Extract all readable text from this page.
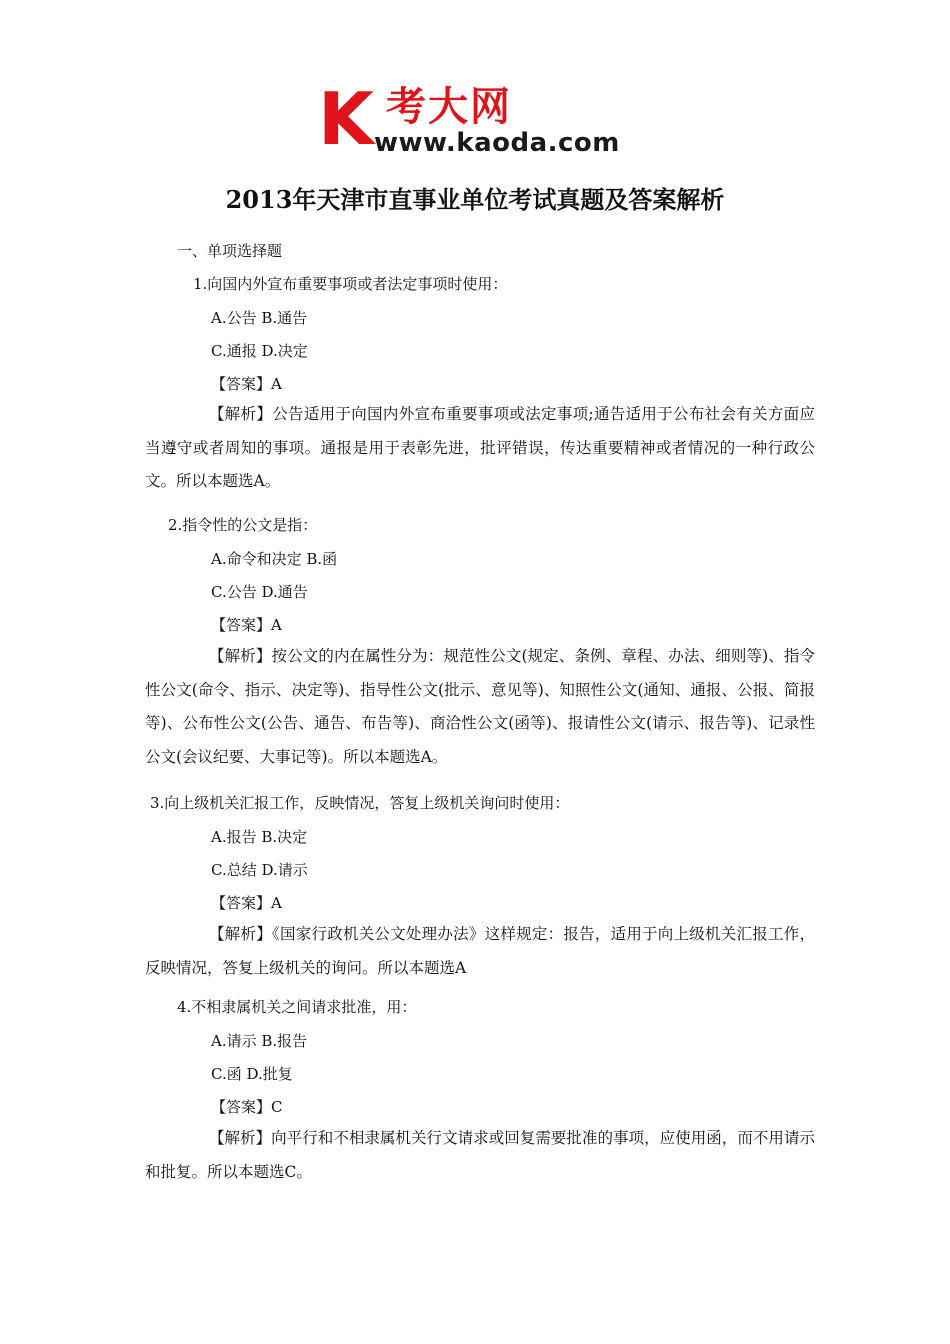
K 考大网
www.kaoda.com
2013年天津市直事业单位考试真题及答案解析
一、单项选择题
1.向国内外宣布重要事项或者法定事项时使用：
A.公告 B.通告
C.通报 D.决定
【答案】A
【解析】公告适用于向国内外宣布重要事项或法定事项;通告适用于公布社会有关方面应当遵守或者周知的事项。通报是用于表彰先进，批评错误，传达重要精神或者情况的一种行政公文。所以本题选A。
2.指令性的公文是指：
A.命令和决定 B.函
C.公告 D.通告
【答案】A
【解析】按公文的内在属性分为：规范性公文(规定、条例、章程、办法、细则等)、指令性公文(命令、指示、决定等)、指导性公文(批示、意见等)、知照性公文(通知、通报、公报、简报等)、公布性公文(公告、通告、布告等)、商洽性公文(函等)、报请性公文(请示、报告等)、记录性公文(会议纪要、大事记等)。所以本题选A。
3.向上级机关汇报工作，反映情况，答复上级机关询问时使用：
A.报告 B.决定
C.总结 D.请示
【答案】A
【解析】《国家行政机关公文处理办法》这样规定：报告，适用于向上级机关汇报工作，反映情况，答复上级机关的询问。所以本题选A
4.不相隶属机关之间请求批准，用：
A.请示 B.报告
C.函 D.批复
【答案】C
【解析】向平行和不相隶属机关行文请求或回复需要批准的事项，应使用函，而不用请示和批复。所以本题选C。
